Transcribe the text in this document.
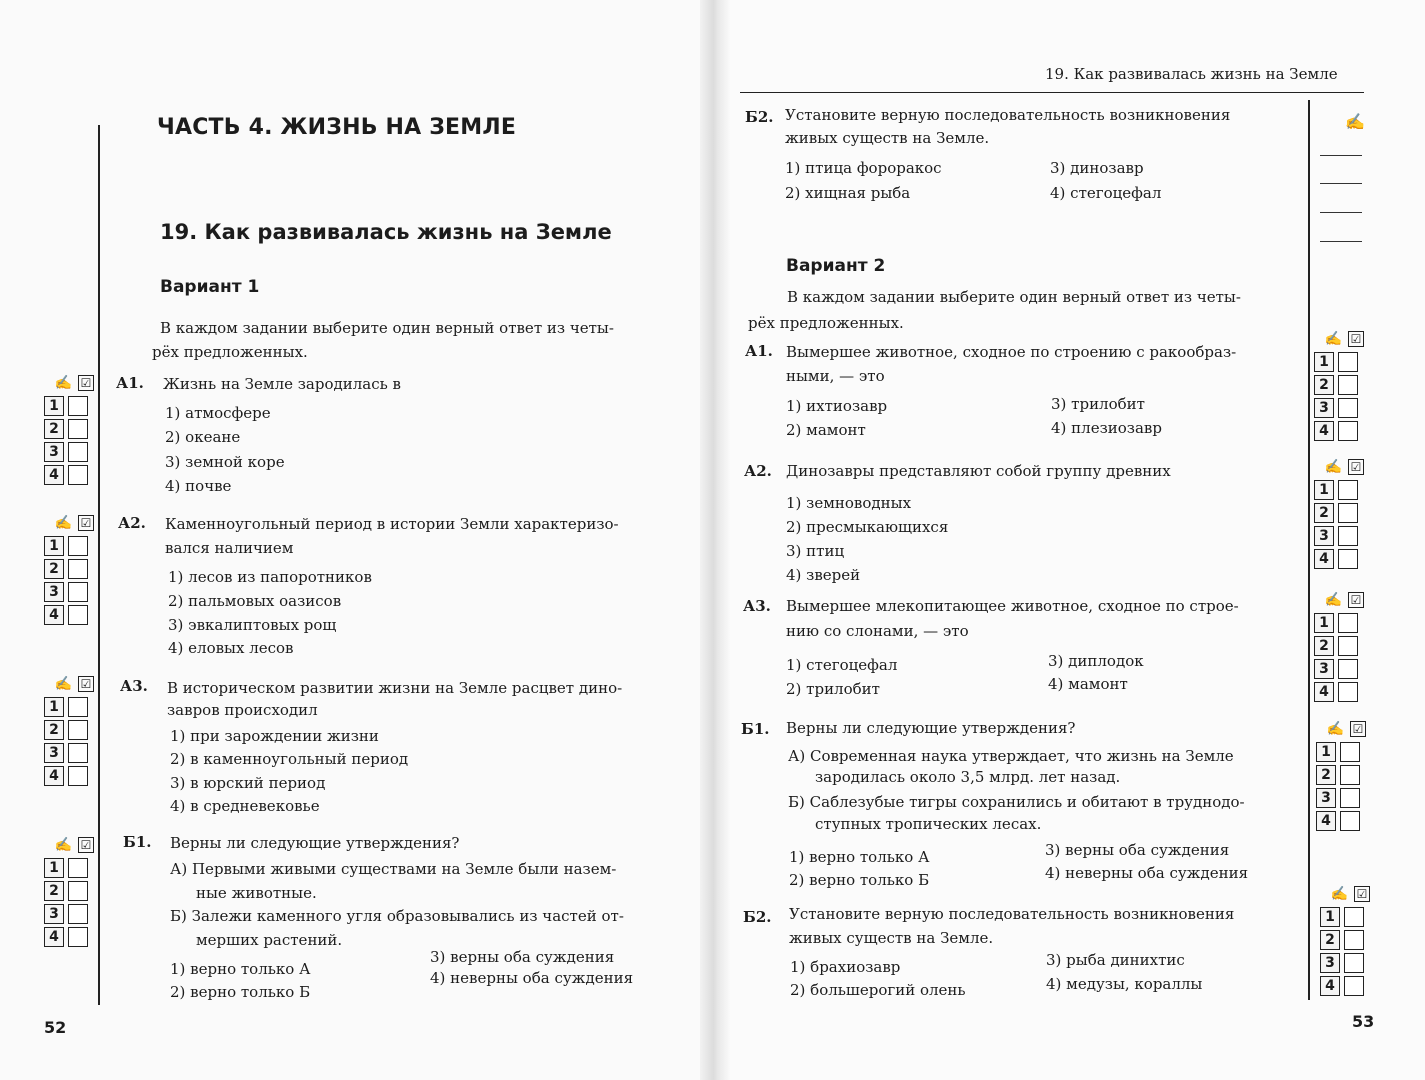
ЧАСТЬ 4. ЖИЗНЬ НА ЗЕМЛЕ
19. Как развивалась жизнь на Земле
Вариант 1
В каждом задании выберите один верный ответ из четы-
рёх предложенных.
А1. Жизнь на Земле зародилась в
1) атмосфере
2) океане
3) земной коре
4) почве
А2. Каменноугольный период в истории Земли характеризо-
вался наличием
1) лесов из папоротников
2) пальмовых оазисов
3) эвкалиптовых рощ
4) еловых лесов
А3. В историческом развитии жизни на Земле расцвет дино-
завров происходил
1) при зарождении жизни
2) в каменноугольный период
3) в юрский период
4) в средневековье
Б1. Верны ли следующие утверждения?
А) Первыми живыми существами на Земле были назем-
ные животные.
Б) Залежи каменного угля образовывались из частей от-
мерших растений.
1) верно только А
2) верно только Б
3) верны оба суждения
4) неверны оба суждения
52
✍ ☑
1
2
3
4
✍ ☑
1
2
3
4
✍ ☑
1
2
3
4
✍ ☑
1
2
3
4
19. Как развивалась жизнь на Земле
Б2. Установите верную последовательность возникновения
живых существ на Земле.
1) птица фороракос
2) хищная рыба
3) динозавр
4) стегоцефал
✍
Вариант 2
В каждом задании выберите один верный ответ из четы-
рёх предложенных.
А1. Вымершее животное, сходное по строению с ракообраз-
ными, — это
1) ихтиозавр
2) мамонт
3) трилобит
4) плезиозавр
А2. Динозавры представляют собой группу древних
1) земноводных
2) пресмыкающихся
3) птиц
4) зверей
А3. Вымершее млекопитающее животное, сходное по строе-
нию со слонами, — это
1) стегоцефал
2) трилобит
3) диплодок
4) мамонт
Б1. Верны ли следующие утверждения?
А) Современная наука утверждает, что жизнь на Земле
зародилась около 3,5 млрд. лет назад.
Б) Саблезубые тигры сохранились и обитают в труднодо-
ступных тропических лесах.
1) верно только А
2) верно только Б
3) верны оба суждения
4) неверны оба суждения
Б2. Установите верную последовательность возникновения
живых существ на Земле.
1) брахиозавр
2) большерогий олень
3) рыба динихтис
4) медузы, кораллы
53
✍ ☑
1
2
3
4
✍ ☑
1
2
3
4
✍ ☑
1
2
3
4
✍ ☑
1
2
3
4
✍ ☑
1
2
3
4
